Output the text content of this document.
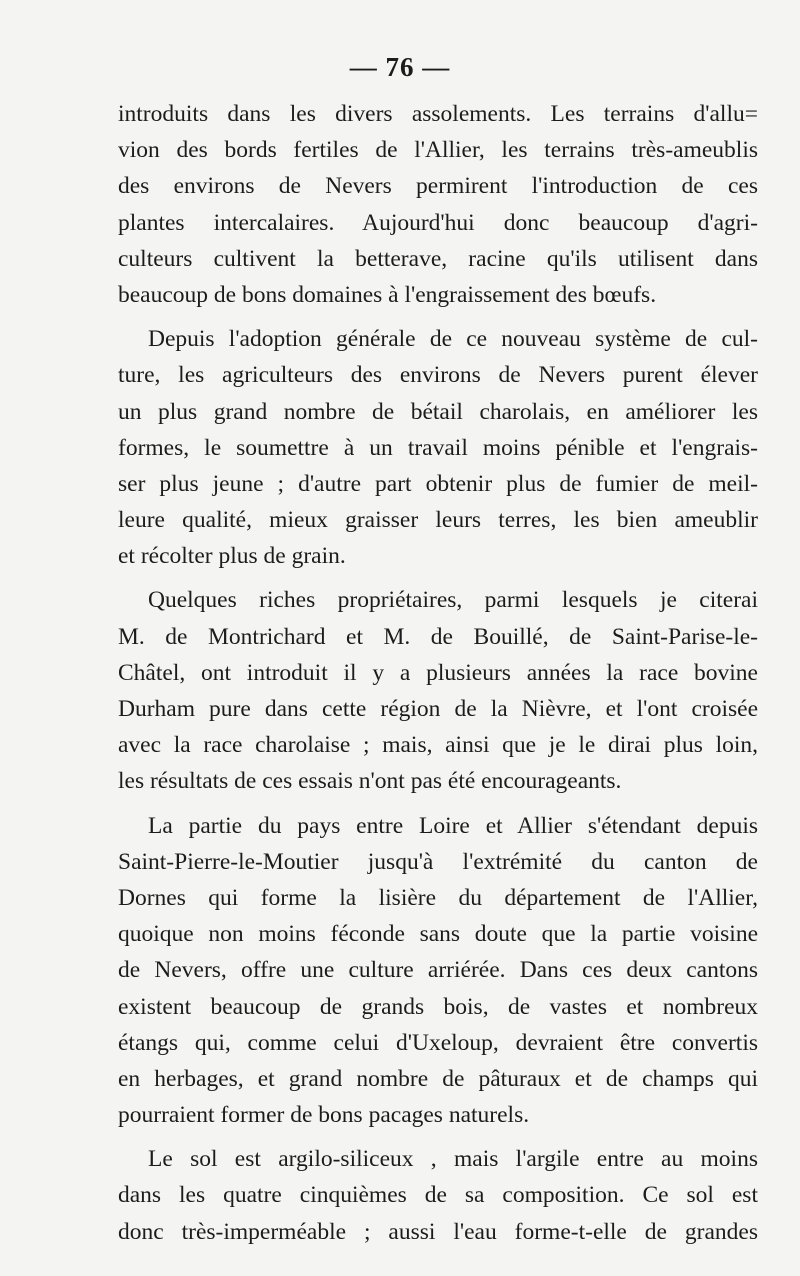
— 76 —
introduits dans les divers assolements. Les terrains d'allu=
vion des bords fertiles de l'Allier, les terrains très-ameublis
des environs de Nevers permirent l'introduction de ces
plantes intercalaires. Aujourd'hui donc beaucoup d'agri-
culteurs cultivent la betterave, racine qu'ils utilisent dans
beaucoup de bons domaines à l'engraissement des bœufs.
Depuis l'adoption générale de ce nouveau système de cul-
ture, les agriculteurs des environs de Nevers purent élever
un plus grand nombre de bétail charolais, en améliorer les
formes, le soumettre à un travail moins pénible et l'engrais-
ser plus jeune ; d'autre part obtenir plus de fumier de meil-
leure qualité, mieux graisser leurs terres, les bien ameublir
et récolter plus de grain.
Quelques riches propriétaires, parmi lesquels je citerai
M. de Montrichard et M. de Bouillé, de Saint-Parise-le-
Châtel, ont introduit il y a plusieurs années la race bovine
Durham pure dans cette région de la Nièvre, et l'ont croisée
avec la race charolaise ; mais, ainsi que je le dirai plus loin,
les résultats de ces essais n'ont pas été encourageants.
La partie du pays entre Loire et Allier s'étendant depuis
Saint-Pierre-le-Moutier jusqu'à l'extrémité du canton de
Dornes qui forme la lisière du département de l'Allier,
quoique non moins féconde sans doute que la partie voisine
de Nevers, offre une culture arriérée. Dans ces deux cantons
existent beaucoup de grands bois, de vastes et nombreux
étangs qui, comme celui d'Uxeloup, devraient être convertis
en herbages, et grand nombre de pâturaux et de champs qui
pourraient former de bons pacages naturels.
Le sol est argilo-siliceux , mais l'argile entre au moins
dans les quatre cinquièmes de sa composition. Ce sol est
donc très-imperméable ; aussi l'eau forme-t-elle de grandes
